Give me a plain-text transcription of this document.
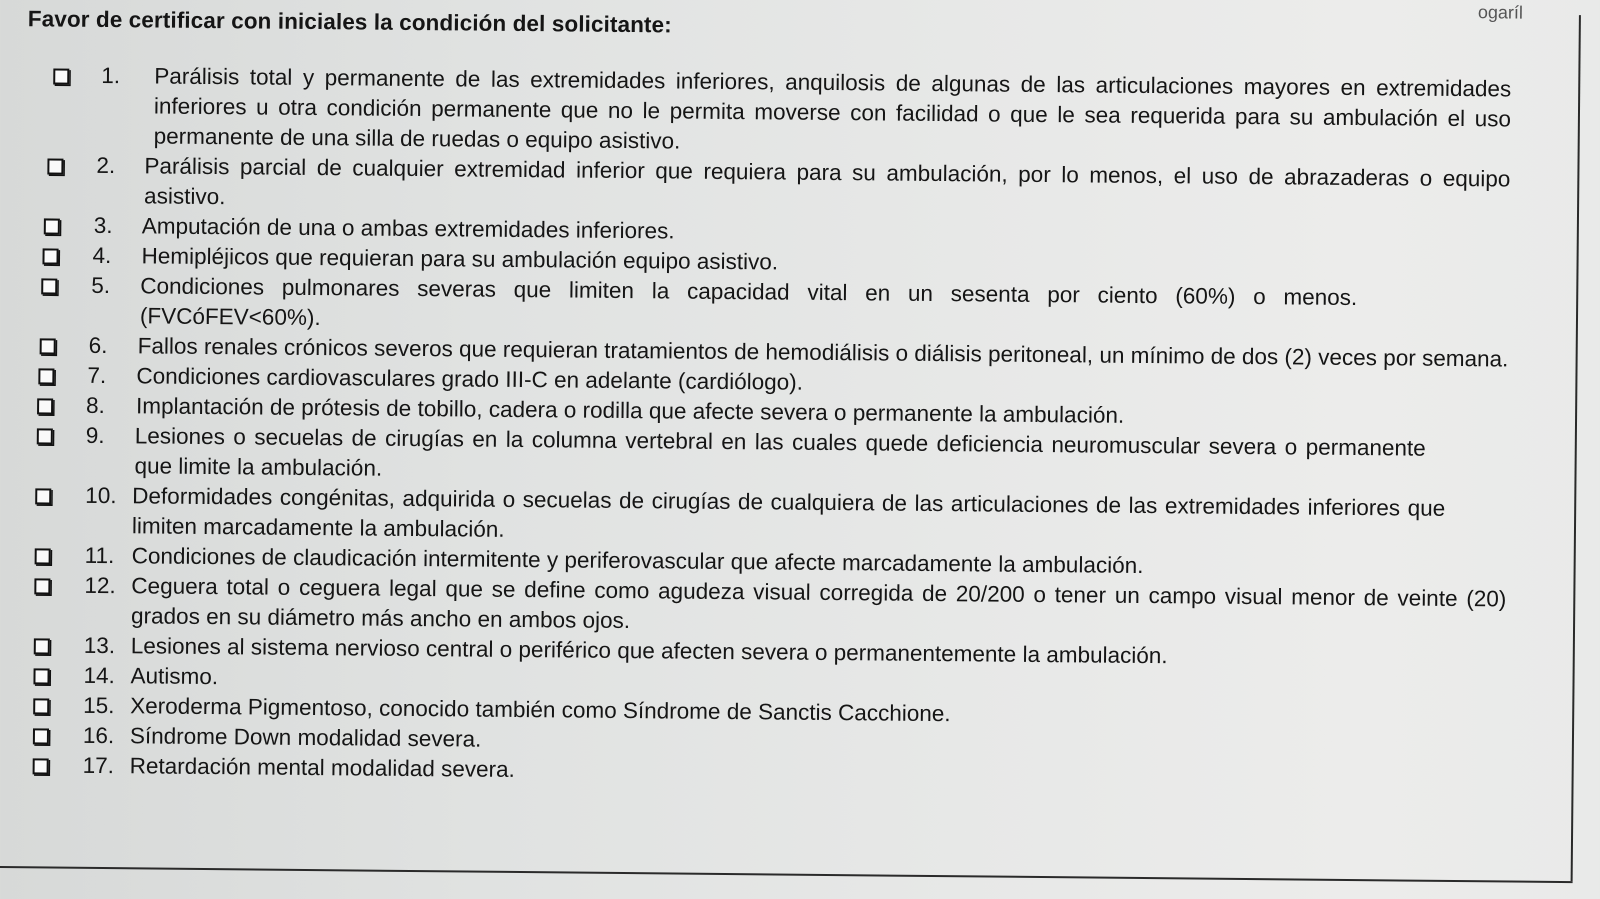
ogaríl
Favor de certificar con iniciales la condición del solicitante:
1. Parálisis total y permanente de las extremidades inferiores, anquilosis de algunas de las articulaciones mayores en extremidades inferiores u otra condición permanente que no le permita moverse con facilidad o que le sea requerida para su ambulación el uso permanente de una silla de ruedas o equipo asistivo.
2. Parálisis parcial de cualquier extremidad inferior que requiera para su ambulación, por lo menos, el uso de abrazaderas o equipo asistivo.
3. Amputación de una o ambas extremidades inferiores.
4. Hemipléjicos que requieran para su ambulación equipo asistivo.
5. Condiciones pulmonares severas que limiten la capacidad vital en un sesenta por ciento (60%) o menos. (FVCóFEV<60%).
6. Fallos renales crónicos severos que requieran tratamientos de hemodiálisis o diálisis peritoneal, un mínimo de dos (2) veces por semana.
7. Condiciones cardiovasculares grado III-C en adelante (cardiólogo).
8. Implantación de prótesis de tobillo, cadera o rodilla que afecte severa o permanente la ambulación.
9. Lesiones o secuelas de cirugías en la columna vertebral en las cuales quede deficiencia neuromuscular severa o permanente que limite la ambulación.
10. Deformidades congénitas, adquirida o secuelas de cirugías de cualquiera de las articulaciones de las extremidades inferiores que limiten marcadamente la ambulación.
11. Condiciones de claudicación intermitente y periferovascular que afecte marcadamente la ambulación.
12. Ceguera total o ceguera legal que se define como agudeza visual corregida de 20/200 o tener un campo visual menor de veinte (20) grados en su diámetro más ancho en ambos ojos.
13. Lesiones al sistema nervioso central o periférico que afecten severa o permanentemente la ambulación.
14. Autismo.
15. Xeroderma Pigmentoso, conocido también como Síndrome de Sanctis Cacchione.
16. Síndrome Down modalidad severa.
17. Retardación mental modalidad severa.
